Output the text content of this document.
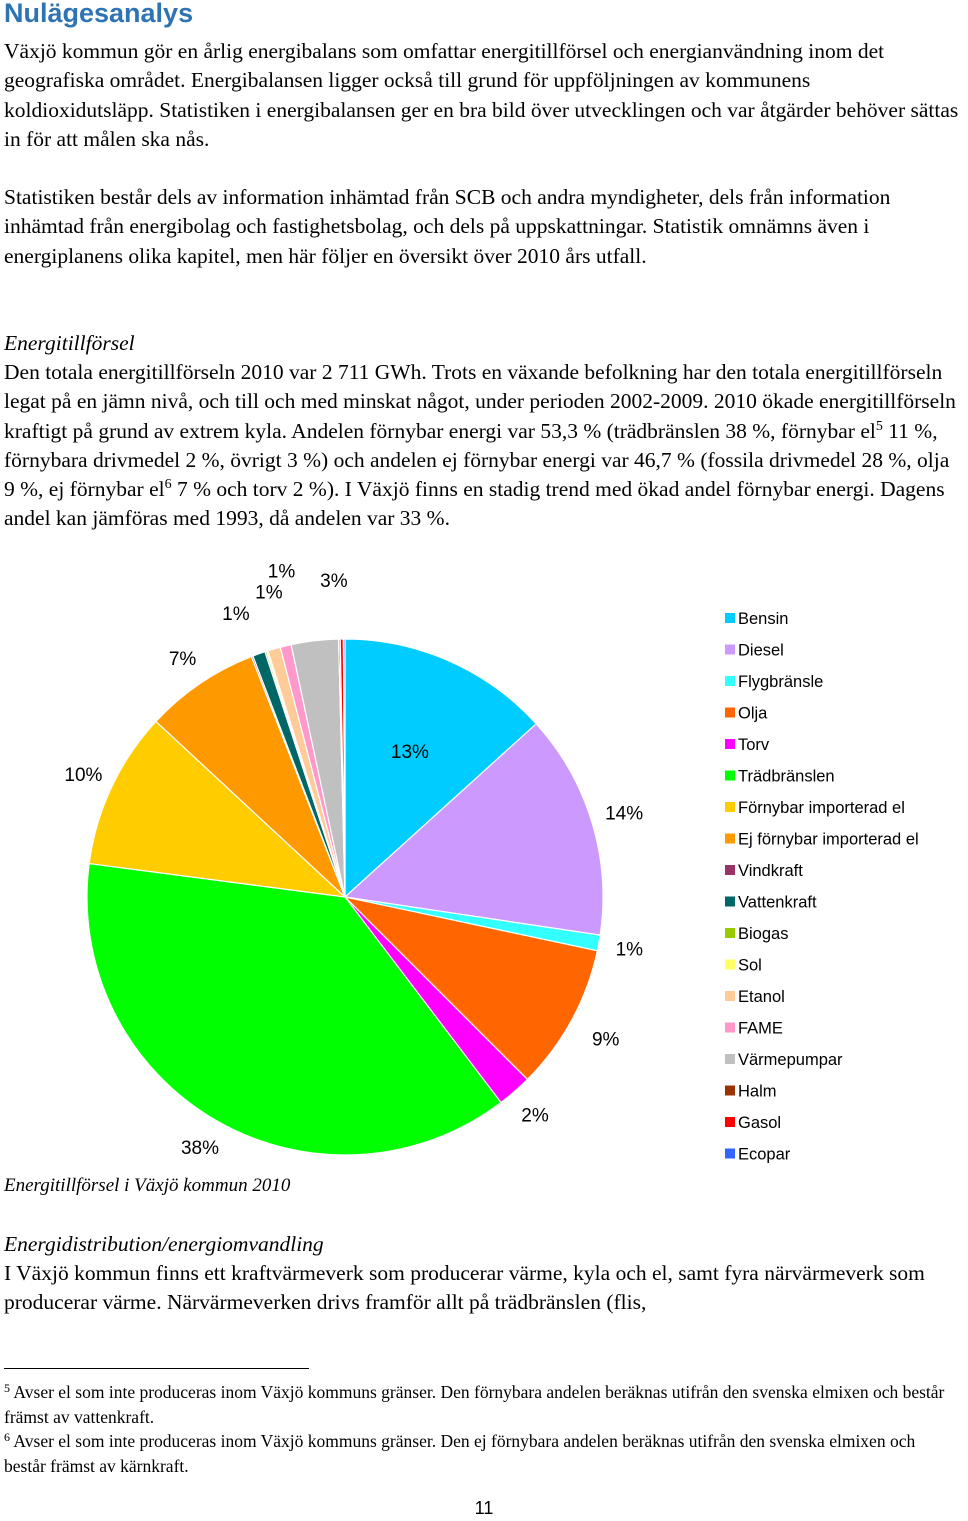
Nulägesanalys

Växjö kommun gör en årlig energibalans som omfattar energitillförsel och energianvändning inom det geografiska området. Energibalansen ligger också till grund för uppföljningen av kommunens koldioxidutsläpp. Statistiken i energibalansen ger en bra bild över utvecklingen och var åtgärder behöver sättas in för att målen ska nås.

Statistiken består dels av information inhämtad från SCB och andra myndigheter, dels från information inhämtad från energibolag och fastighetsbolag, och dels på uppskattningar. Statistik omnämns även i energiplanens olika kapitel, men här följer en översikt över 2010 års utfall.

Energitillförsel

Den totala energitillförseln 2010 var 2 711 GWh. Trots en växande befolkning har den totala energitillförseln legat på en jämn nivå, och till och med minskat något, under perioden 2002-2009. 2010 ökade energitillförseln kraftigt på grund av extrem kyla. Andelen förnybar energi var 53,3 % (trädbränslen 38 %, förnybar $el^5$ 11 %, förnybara drivmedel 2 %, övrigt 3 %) och andelen ej förnybar energi var 46,7 % (fossila drivmedel 28 %, olja 9 %, ej förnybar $el^6$ 7 % och torv 2 %). I Växjö finns en stadig trend med ökad andel förnybar energi. Dagens andel kan jämföras med 1993, då andelen var 33 %.

13%
14%
1%
9%
2%
38%
10%
7%
1%
1%
1% 3%
Bensin
Diesel
Flygbränsle
Olja
Torv
Trädbränslen
Förnybar importerad el
Ej förnybar importerad el
Vindkraft
Vattenkraft
Biogas
Sol
Etanol
FAME
Värmepumpar
Halm
Gasol
Ecopar

Energitillförsel i Växjö kommun 2010

Energidistribution/energiomvandling

I Växjö kommun finns ett kraftvärmeverk som producerar värme, kyla och el, samt fyra närvärmeverk som producerar värme. Närvärmeverken drivs framför allt på trädbränslen (flis,

$^5$ Avser el som inte produceras inom Växjö kommuns gränser. Den förnybara andelen beräknas utifrån den svenska elmixen och består främst av vattenkraft.

$^6$ Avser el som inte produceras inom Växjö kommuns gränser. Den ej förnybara andelen beräknas utifrån den svenska elmixen och består främst av kärnkraft.

11
